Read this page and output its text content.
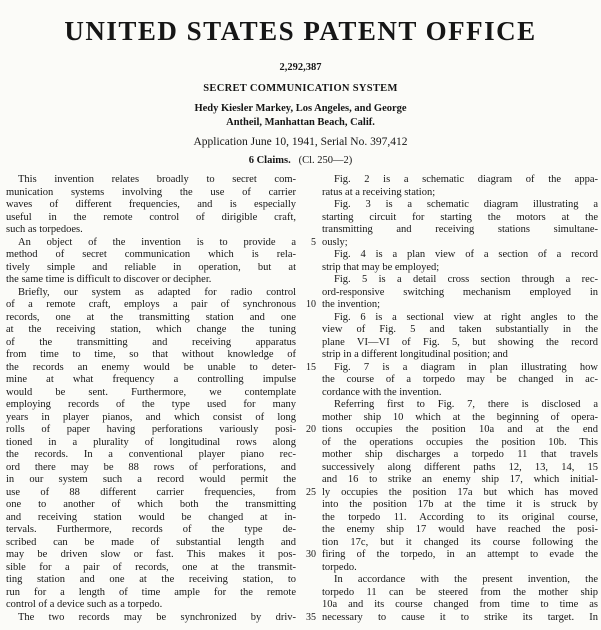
UNITED STATES PATENT OFFICE
2,292,387
SECRET COMMUNICATION SYSTEM
Hedy Kiesler Markey, Los Angeles, and George
Antheil, Manhattan Beach, Calif.
Application June 10, 1941, Serial No. 397,412
6 Claims. (Cl. 250—2)
This invention relates broadly to secret com-
munication systems involving the use of carrier
waves of different frequencies, and is especially
useful in the remote control of dirigible craft,
such as torpedoes.
An object of the invention is to provide a
method of secret communication which is rela-
tively simple and reliable in operation, but at
the same time is difficult to discover or decipher.
Briefly, our system as adapted for radio control
of a remote craft, employs a pair of synchronous
records, one at the transmitting station and one
at the receiving station, which change the tuning
of the transmitting and receiving apparatus
from time to time, so that without knowledge of
the records an enemy would be unable to deter-
mine at what frequency a controlling impulse
would be sent. Furthermore, we contemplate
employing records of the type used for many
years in player pianos, and which consist of long
rolls of paper having perforations variously posi-
tioned in a plurality of longitudinal rows along
the records. In a conventional player piano rec-
ord there may be 88 rows of perforations, and
in our system such a record would permit the
use of 88 different carrier frequencies, from
one to another of which both the transmitting
and receiving station would be changed at in-
tervals. Furthermore, records of the type de-
scribed can be made of substantial length and
may be driven slow or fast. This makes it pos-
sible for a pair of records, one at the transmit-
ting station and one at the receiving station, to
run for a length of time ample for the remote
control of a device such as a torpedo.
The two records may be synchronized by driv-
5
10
15
20
25
30
35
Fig. 2 is a schematic diagram of the appa-
ratus at a receiving station;
Fig. 3 is a schematic diagram illustrating a
starting circuit for starting the motors at the
transmitting and receiving stations simultane-
ously;
Fig. 4 is a plan view of a section of a record
strip that may be employed;
Fig. 5 is a detail cross section through a rec-
ord-responsive switching mechanism employed in
the invention;
Fig. 6 is a sectional view at right angles to the
view of Fig. 5 and taken substantially in the
plane VI—VI of Fig. 5, but showing the record
strip in a different longitudinal position; and
Fig. 7 is a diagram in plan illustrating how
the course of a torpedo may be changed in ac-
cordance with the invention.
Referring first to Fig. 7, there is disclosed a
mother ship 10 which at the beginning of opera-
tions occupies the position 10a and at the end
of the operations occupies the position 10b. This
mother ship discharges a torpedo 11 that travels
successively along different paths 12, 13, 14, 15
and 16 to strike an enemy ship 17, which initial-
ly occupies the position 17a but which has moved
into the position 17b at the time it is struck by
the torpedo 11. According to its original course,
the enemy ship 17 would have reached the posi-
tion 17c, but it changed its course following the
firing of the torpedo, in an attempt to evade the
torpedo.
In accordance with the present invention, the
torpedo 11 can be steered from the mother ship
10a and its course changed from time to time as
necessary to cause it to strike its target. In
